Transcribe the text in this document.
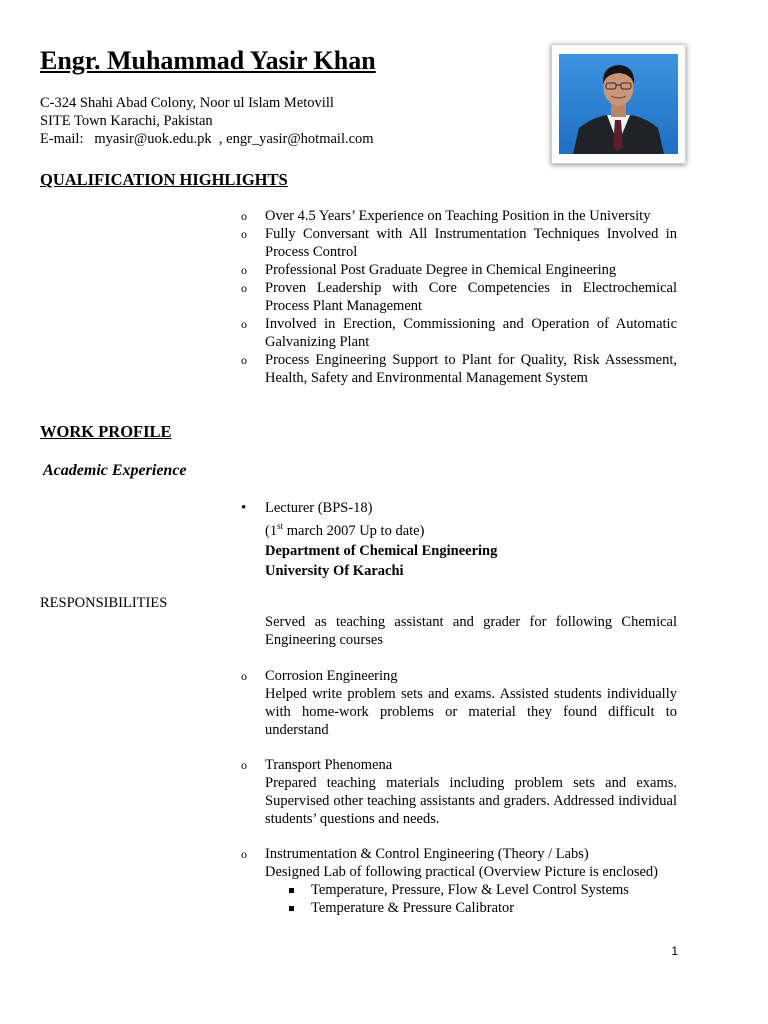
Engr. Muhammad Yasir Khan
C-324 Shahi Abad Colony, Noor ul Islam Metovill
SITE Town Karachi, Pakistan
E-mail: myasir@uok.edu.pk  , engr_yasir@hotmail.com
QUALIFICATION HIGHLIGHTS
o	Over 4.5 Years’ Experience on Teaching Position in the University
o	Fully Conversant with All Instrumentation Techniques Involved in Process Control
o	Professional Post Graduate Degree in Chemical Engineering
o	Proven Leadership with Core Competencies in Electrochemical Process Plant Management
o	Involved in Erection, Commissioning and Operation of Automatic Galvanizing Plant
o	Process Engineering Support to Plant for Quality, Risk Assessment, Health, Safety and Environmental Management System
WORK PROFILE
Academic Experience
•	Lecturer (BPS-18)
(1st march 2007 Up to date)
Department of Chemical Engineering
University Of Karachi
RESPONSIBILITIES
Served as teaching assistant and grader for following Chemical Engineering courses
o	Corrosion Engineering
Helped write problem sets and exams. Assisted students individually with home-work problems or material they found difficult to understand
o	Transport Phenomena
Prepared teaching materials including problem sets and exams. Supervised other teaching assistants and graders. Addressed individual students’ questions and needs.
o	Instrumentation & Control Engineering (Theory / Labs)
Designed Lab of following practical (Overview Picture is enclosed)
Temperature, Pressure, Flow & Level Control Systems
Temperature & Pressure Calibrator
1
